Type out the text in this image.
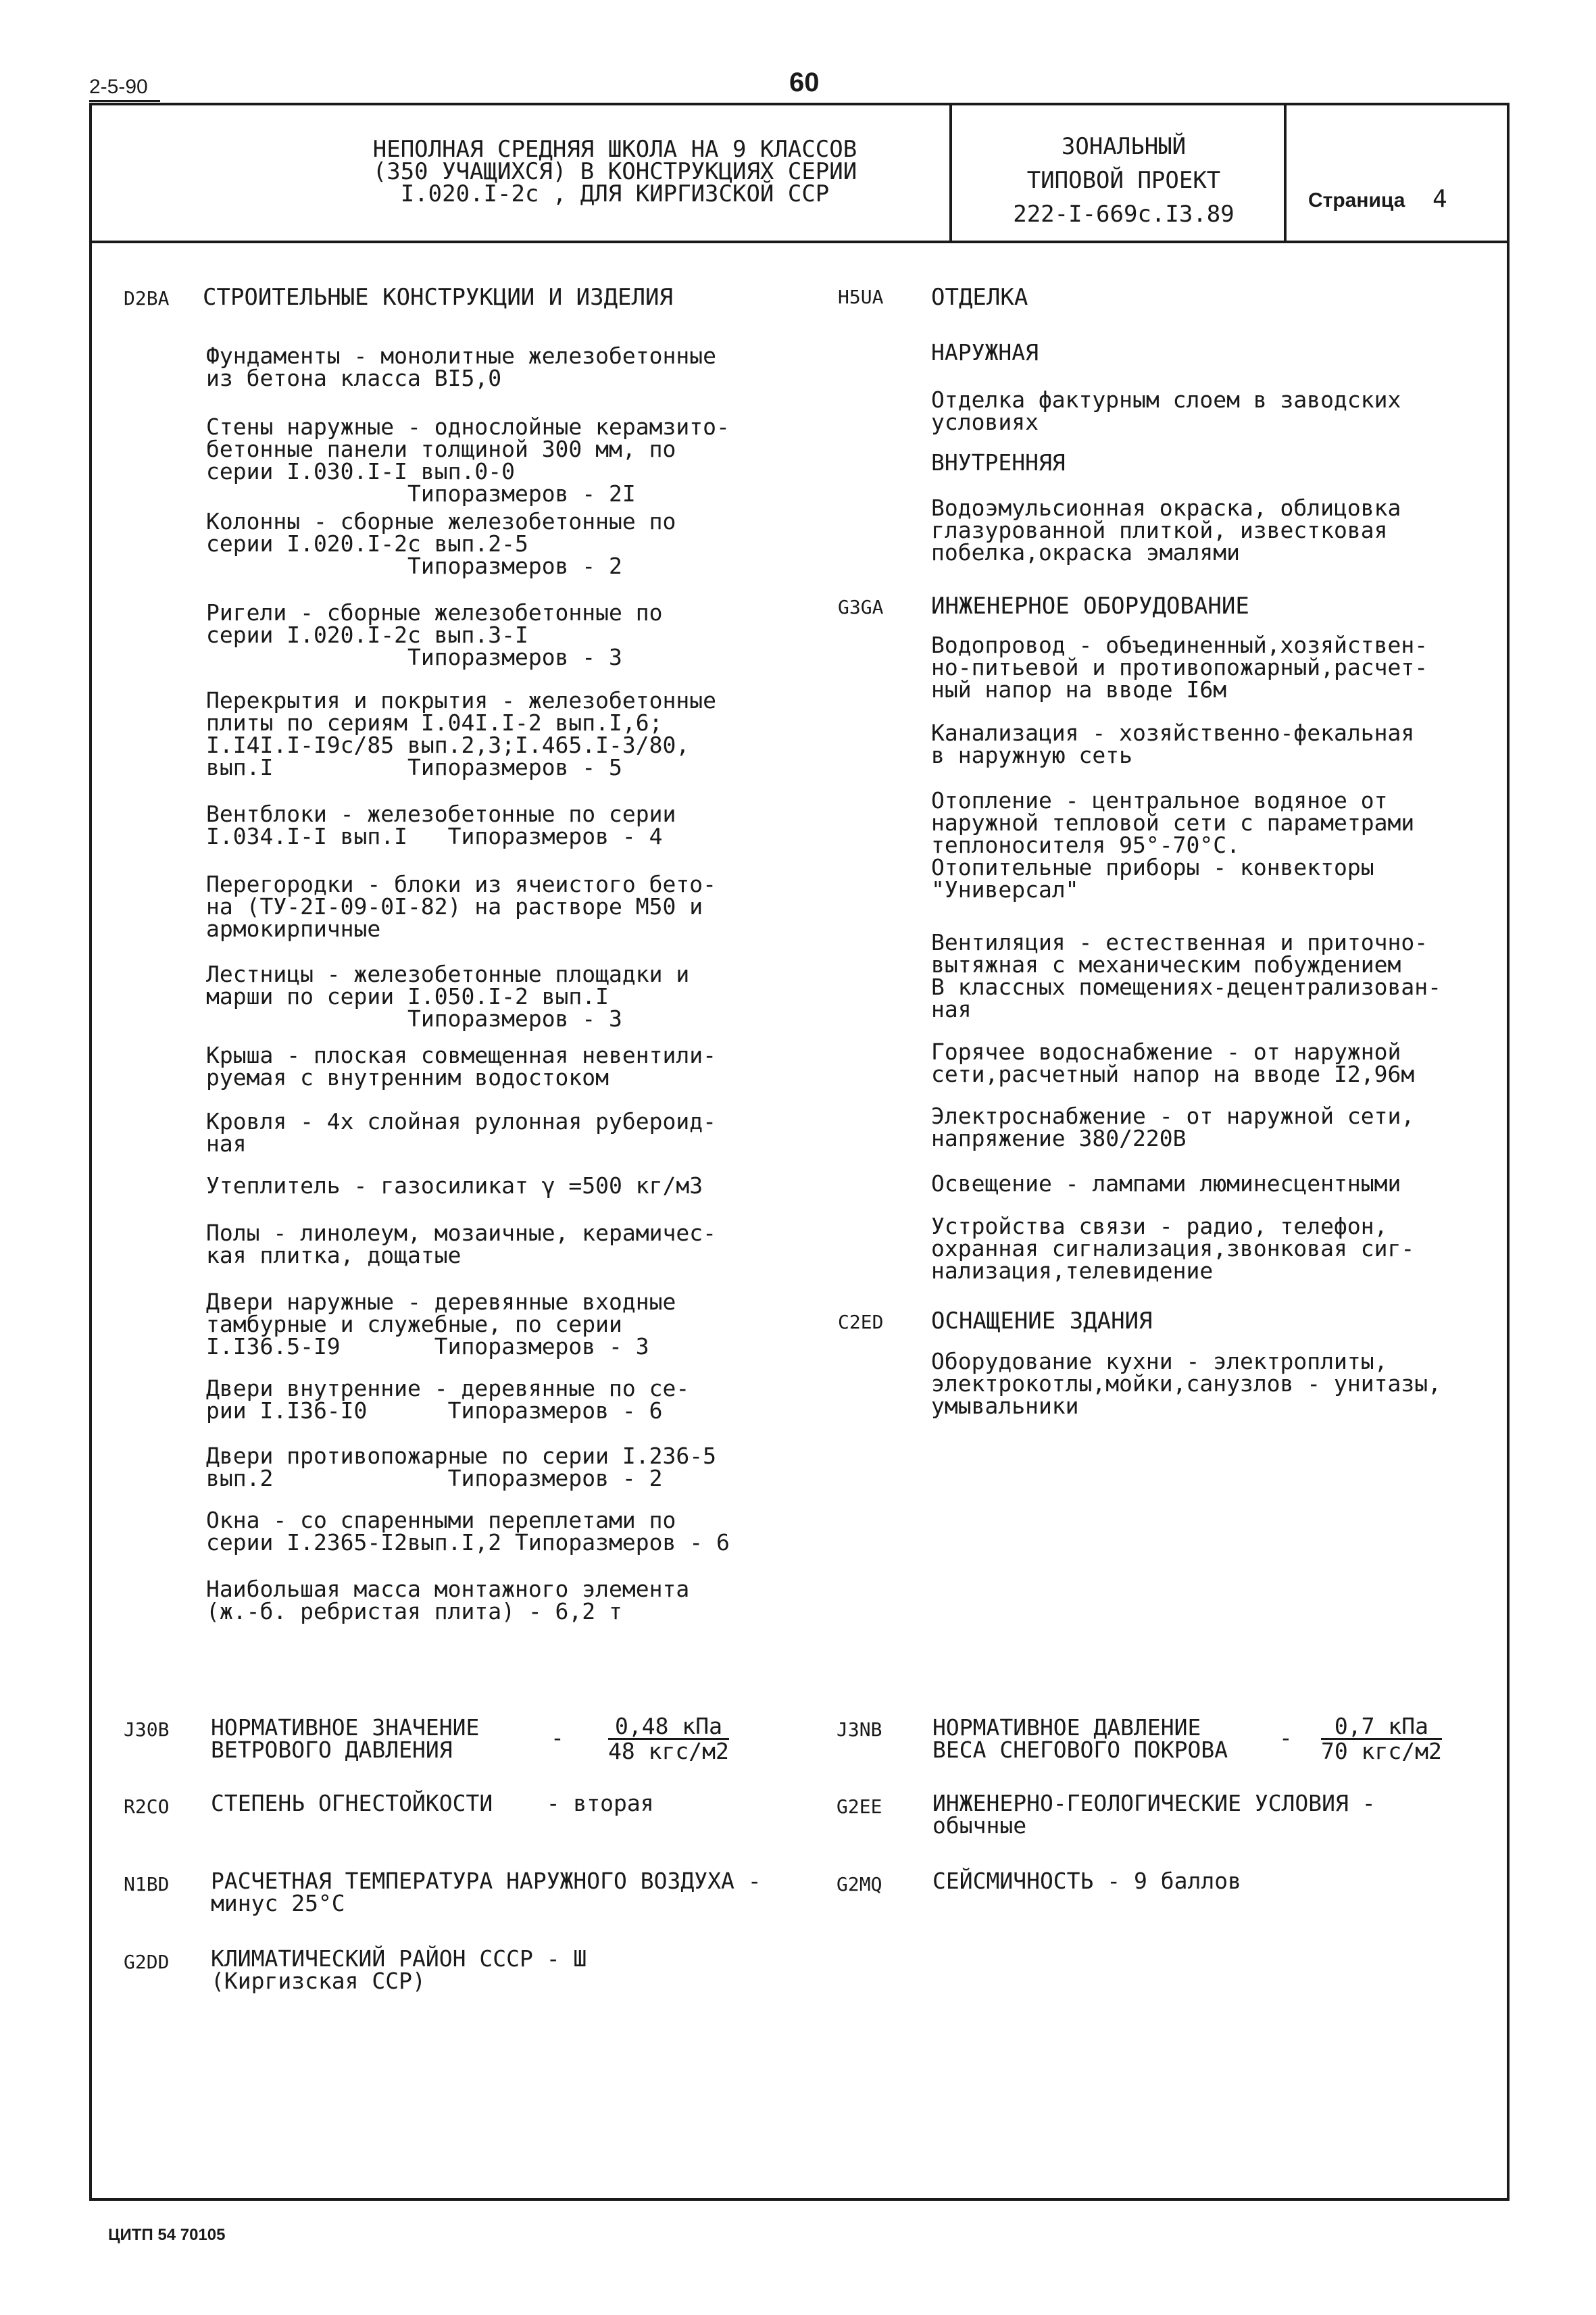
2-5-90	60
НЕПОЛНАЯ СРЕДНЯЯ ШКОЛА НА 9 КЛАССОВ
(350 УЧАЩИХСЯ) В КОНСТРУКЦИЯХ СЕРИИ
I.020.I-2с , ДЛЯ КИРГИЗСКОЙ ССР
ЗОНАЛЬНЫЙ
ТИПОВОЙ ПРОЕКТ
222-I-669с.I3.89
Страница 4
D2BA СТРОИТЕЛЬНЫЕ КОНСТРУКЦИИ И ИЗДЕЛИЯ
Фундаменты - монолитные железобетонные
из бетона класса BI5,0
Стены наружные - однослойные керамзито-
бетонные панели толщиной 300 мм, по
серии I.030.I-I вып.0-0
Типоразмеров - 2I
Колонны - сборные железобетонные по
серии I.020.I-2с вып.2-5
Типоразмеров - 2
Ригели - сборные железобетонные по
серии I.020.I-2с вып.3-I
Типоразмеров - 3
Перекрытия и покрытия - железобетонные
плиты по сериям I.04I.I-2 вып.I,6;
I.I4I.I-I9с/85 вып.2,3;I.465.I-3/80,
вып.I          Типоразмеров - 5
Вентблоки - железобетонные по серии
I.034.I-I вып.I   Типоразмеров - 4
Перегородки - блоки из ячеистого бето-
на (ТУ-2I-09-0I-82) на растворе М50 и
армокирпичные
Лестницы - железобетонные площадки и
марши по серии I.050.I-2 вып.I
Типоразмеров - 3
Крыша - плоская совмещенная невентили-
руемая с внутренним водостоком
Кровля - 4х слойная рулонная рубероид-
ная
Утеплитель - газосиликат γ =500 кг/м3
Полы - линолеум, мозаичные, керамичес-
кая плитка, дощатые
Двери наружные - деревянные входные
тамбурные и служебные, по серии
I.I36.5-I9       Типоразмеров - 3
Двери внутренние - деревянные по се-
рии I.I36-I0      Типоразмеров - 6
Двери противопожарные по серии I.236-5
вып.2             Типоразмеров - 2
Окна - со спаренными переплетами по
серии I.2365-I2вып.I,2 Типоразмеров - 6
Наибольшая масса монтажного элемента
(ж.-б. ребристая плита) - 6,2 т
H5UA ОТДЕЛКА
НАРУЖНАЯ
Отделка фактурным слоем в заводских
условиях
ВНУТРЕННЯЯ
Водоэмульсионная окраска, облицовка
глазурованной плиткой, известковая
побелка,окраска эмалями
G3GA ИНЖЕНЕРНОЕ ОБОРУДОВАНИЕ
Водопровод - объединенный,хозяйствен-
но-питьевой и противопожарный,расчет-
ный напор на вводе I6м
Канализация - хозяйственно-фекальная
в наружную сеть
Отопление - центральное водяное от
наружной тепловой сети с параметрами
теплоносителя 95°-70°С.
Отопительные приборы - конвекторы
"Универсал"
Вентиляция - естественная и приточно-
вытяжная с механическим побуждением
В классных помещениях-децентрализован-
ная
Горячее водоснабжение - от наружной
сети,расчетный напор на вводе I2,96м
Электроснабжение - от наружной сети,
напряжение 380/220В
Освещение - лампами люминесцентными
Устройства связи - радио, телефон,
охранная сигнализация,звонковая сиг-
нализация,телевидение
C2ED ОСНАЩЕНИЕ ЗДАНИЯ
Оборудование кухни - электроплиты,
электрокотлы,мойки,санузлов - унитазы,
умывальники
J30B НОРМАТИВНОЕ ЗНАЧЕНИЕ
ВЕТРОВОГО ДАВЛЕНИЯ	-	0,48 кПа
48 кгс/м2
J3NB НОРМАТИВНОЕ ДАВЛЕНИЕ
ВЕСА СНЕГОВОГО ПОКРОВА -	0,7 кПа
70 кгс/м2
R2CO СТЕПЕНЬ ОГНЕСТОЙКОСТИ    - вторая	G2EE ИНЖЕНЕРНО-ГЕОЛОГИЧЕСКИЕ УСЛОВИЯ -
обычные
N1BD РАСЧЕТНАЯ ТЕМПЕРАТУРА НАРУЖНОГО ВОЗДУХА -
минус 25°С
G2MQ СЕЙСМИЧНОСТЬ - 9 баллов
G2DD КЛИМАТИЧЕСКИЙ РАЙОН СССР - Ш
(Киргизская ССР)
ЦИТП 54 70105
